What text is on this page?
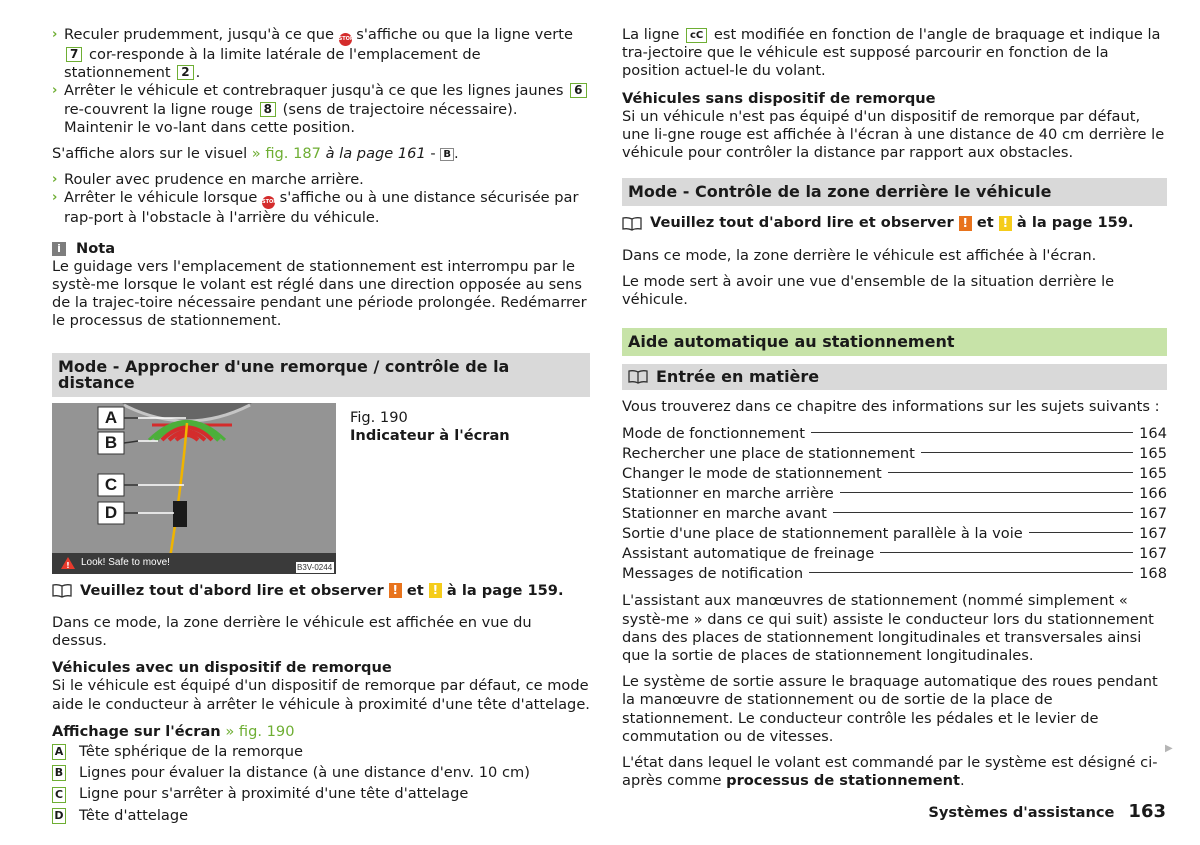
› Reculer prudemment, jusqu'à ce que STOP s'affiche ou que la ligne verte 7 cor-responde à la limite latérale de l'emplacement de stationnement 2 .

› Arrêter le véhicule et contrebraquer jusqu'à ce que les lignes jaunes 6 re-couvrent la ligne rouge 8 (sens de trajectoire nécessaire). Maintenir le vo-lant dans cette position.

S'affiche alors sur le visuel » fig. 187 à la page 161 - B .

› Rouler avec prudence en marche arrière.

› Arrêter le véhicule lorsque STOP s'affiche ou à une distance sécurisée par rap-port à l'obstacle à l'arrière du véhicule.

i	Nota

Le guidage vers l'emplacement de stationnement est interrompu par le systè-me lorsque le volant est réglé dans une direction opposée au sens de la trajec-toire nécessaire pendant une période prolongée. Redémarrer le processus de stationnement.

Mode - Approcher d'une remorque / contrôle de la distance
!
A
B
C
D
Look! Safe to move!	B3V-0244

Fig. 190

Indicateur à l'écran

Veuillez tout d'abord lire et observer
!
et
!
à la page 159.

Dans ce mode, la zone derrière le véhicule est affichée en vue du dessus.

Véhicules avec un dispositif de remorque

Si le véhicule est équipé d'un dispositif de remorque par défaut, ce mode aide le conducteur à arrêter le véhicule à proximité d'une tête d'attelage.

Affichage sur l'écran » fig. 190

A Tête sphérique de la remorque
B Lignes pour évaluer la distance (à une distance d'env. 10 cm)
C Ligne pour s'arrêter à proximité d'une tête d'attelage
D Tête d'attelage

La ligne cC est modifiée en fonction de l'angle de braquage et indique la tra-jectoire que le véhicule est supposé parcourir en fonction de la position actuel-le du volant.

Véhicules sans dispositif de remorque

Si un véhicule n'est pas équipé d'un dispositif de remorque par défaut, une li-gne rouge est affichée à l'écran à une distance de 40 cm derrière le véhicule pour contrôler la distance par rapport aux obstacles.

Mode - Contrôle de la zone derrière le véhicule
Veuillez tout d'abord lire et observer
!
et
!
à la page 159.

Dans ce mode, la zone derrière le véhicule est affichée à l'écran.

Le mode sert à avoir une vue d'ensemble de la situation derrière le véhicule.

Aide automatique au stationnement
Entrée en matière

Vous trouverez dans ce chapitre des informations sur les sujets suivants :

Mode de fonctionnement	164
Rechercher une place de stationnement	165
Changer le mode de stationnement	165
Stationner en marche arrière	166
Stationner en marche avant	167
Sortie d'une place de stationnement parallèle à la voie	167
Assistant automatique de freinage	167
Messages de notification	168

L'assistant aux manœuvres de stationnement (nommé simplement « systè-me » dans ce qui suit) assiste le conducteur lors du stationnement dans des places de stationnement longitudinales et transversales ainsi que la sortie de places de stationnement longitudinales.

Le système de sortie assure le braquage automatique des roues pendant la manœuvre de stationnement ou de sortie de la place de stationnement. Le conducteur contrôle les pédales et le levier de commutation ou de vitesses.

L'état dans lequel le volant est commandé par le système est désigné ci-après comme processus de stationnement.

▶
Systèmes d'assistance 163
